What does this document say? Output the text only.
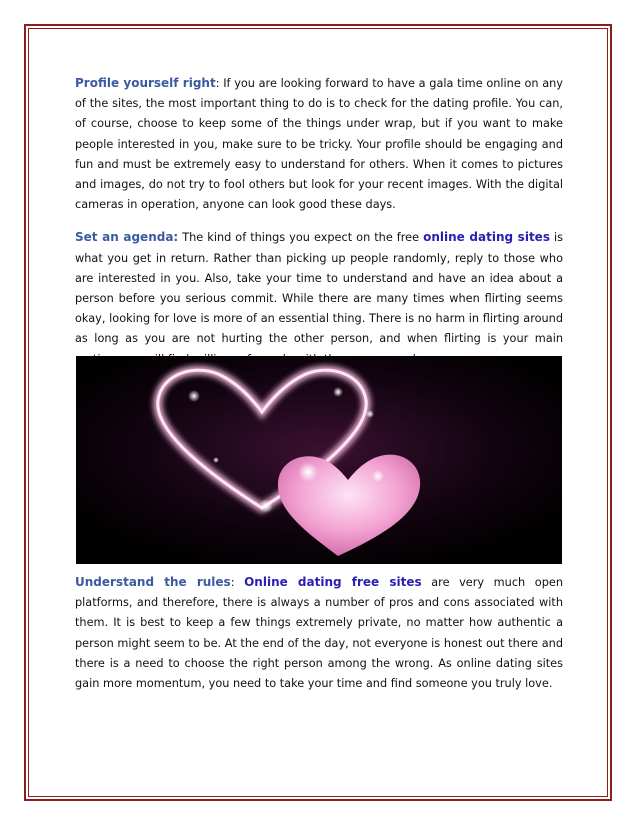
Profile yourself right: If you are looking forward to have a gala time online on any of the sites, the most important thing to do is to check for the dating profile. You can, of course, choose to keep some of the things under wrap, but if you want to make people interested in you, make sure to be tricky. Your profile should be engaging and fun and must be extremely easy to understand for others. When it comes to pictures and images, do not try to fool others but look for your recent images. With the digital cameras in operation, anyone can look good these days.

Set an agenda: The kind of things you expect on the free online dating sites is what you get in return. Rather than picking up people randomly, reply to those who are interested in you. Also, take your time to understand and have an idea about a person before you serious commit. While there are many times when flirting seems okay, looking for love is more of an essential thing. There is no harm in flirting around as long as you are not hurting the other person, and when flirting is your main

Understand the rules: Online dating free sites are very much open platforms, and therefore, there is always a number of pros and cons associated with them. It is best to keep a few things extremely private, no matter how authentic a person might seem to be. At the end of the day, not everyone is honest out there and there is a need to choose the right person among the wrong. As online dating sites gain more momentum, you need to take your time and find someone you truly love.
